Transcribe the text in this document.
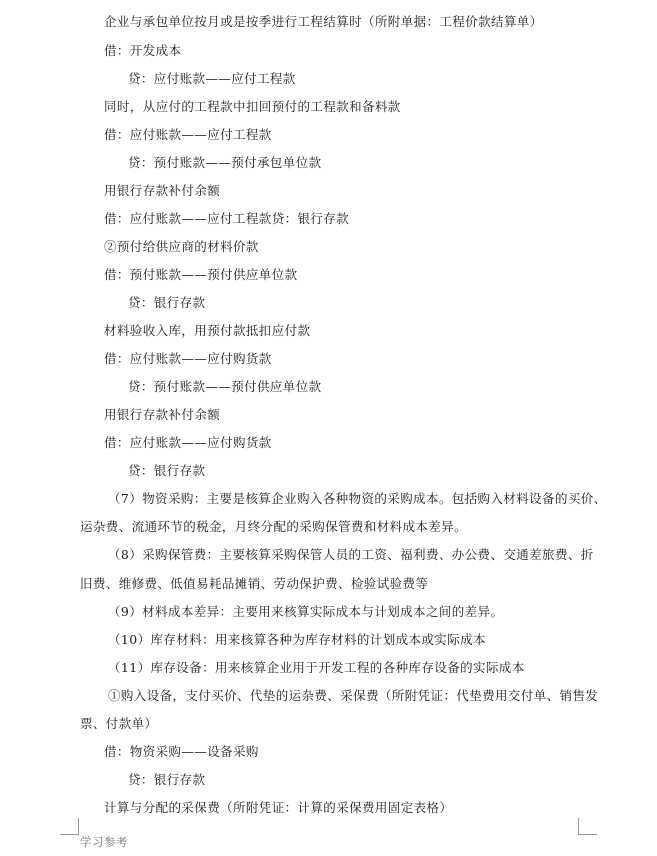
企业与承包单位按月或是按季进行工程结算时（所附单据：工程价款结算单）
借：开发成本
贷：应付账款——应付工程款
同时，从应付的工程款中扣回预付的工程款和备料款
借：应付账款——应付工程款
贷：预付账款——预付承包单位款
用银行存款补付余额
借：应付账款——应付工程款贷：银行存款
②预付给供应商的材料价款
借：预付账款——预付供应单位款
贷：银行存款
材料验收入库，用预付款抵扣应付款
借：应付账款——应付购货款
贷：预付账款——预付供应单位款
用银行存款补付余额
借：应付账款——应付购货款
贷：银行存款
（7）物资采购：主要是核算企业购入各种物资的采购成本。包括购入材料设备的买价、
运杂费、流通环节的税金，月终分配的采购保管费和材料成本差异。
（8）采购保管费：主要核算采购保管人员的工资、福利费、办公费、交通差旅费、折
旧费、维修费、低值易耗品摊销、劳动保护费、检验试验费等
（9）材料成本差异：主要用来核算实际成本与计划成本之间的差异。
（10）库存材料：用来核算各种为库存材料的计划成本或实际成本
（11）库存设备：用来核算企业用于开发工程的各种库存设备的实际成本
①购入设备，支付买价、代垫的运杂费、采保费（所附凭证：代垫费用交付单、销售发
票、付款单）
借：物资采购——设备采购
贷：银行存款
计算与分配的采保费（所附凭证：计算的采保费用固定表格）
学习参考
